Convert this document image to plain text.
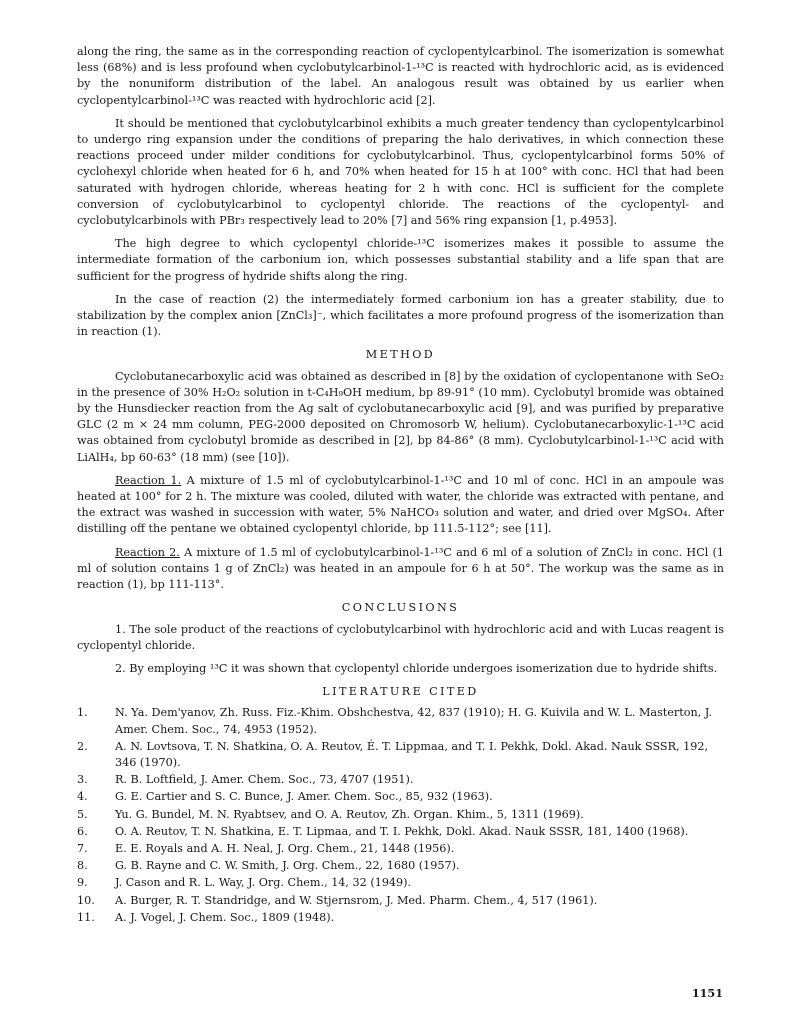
along the ring, the same as in the corresponding reaction of cyclopentylcarbinol. The isomerization is somewhat less (68%) and is less profound when cyclobutylcarbinol-1-¹³C is reacted with hydrochloric acid, as is evidenced by the nonuniform distribution of the label. An analogous result was obtained by us earlier when cyclopentylcarbinol-¹³C was reacted with hydrochloric acid [2].

It should be mentioned that cyclobutylcarbinol exhibits a much greater tendency than cyclopentylcarbinol to undergo ring expansion under the conditions of preparing the halo derivatives, in which connection these reactions proceed under milder conditions for cyclobutylcarbinol. Thus, cyclopentylcarbinol forms 50% of cyclohexyl chloride when heated for 6 h, and 70% when heated for 15 h at 100° with conc. HCl that had been saturated with hydrogen chloride, whereas heating for 2 h with conc. HCl is sufficient for the complete conversion of cyclobutylcarbinol to cyclopentyl chloride. The reactions of the cyclopentyl- and cyclobutylcarbinols with PBr₃ respectively lead to 20% [7] and 56% ring expansion [1, p.4953].

The high degree to which cyclopentyl chloride-¹³C isomerizes makes it possible to assume the intermediate formation of the carbonium ion, which possesses substantial stability and a life span that are sufficient for the progress of hydride shifts along the ring.

In the case of reaction (2) the intermediately formed carbonium ion has a greater stability, due to stabilization by the complex anion [ZnCl₃]⁻, which facilitates a more profound progress of the isomerization than in reaction (1).

METHOD

Cyclobutanecarboxylic acid was obtained as described in [8] by the oxidation of cyclopentanone with SeO₂ in the presence of 30% H₂O₂ solution in t-C₄H₉OH medium, bp 89-91° (10 mm). Cyclobutyl bromide was obtained by the Hunsdiecker reaction from the Ag salt of cyclobutanecarboxylic acid [9], and was purified by preparative GLC (2 m × 24 mm column, PEG-2000 deposited on Chromosorb W, helium). Cyclobutanecarboxylic-1-¹³C acid was obtained from cyclobutyl bromide as described in [2], bp 84-86° (8 mm). Cyclobutylcarbinol-1-¹³C acid with LiAlH₄, bp 60-63° (18 mm) (see [10]).

Reaction 1. A mixture of 1.5 ml of cyclobutylcarbinol-1-¹³C and 10 ml of conc. HCl in an ampoule was heated at 100° for 2 h. The mixture was cooled, diluted with water, the chloride was extracted with pentane, and the extract was washed in succession with water, 5% NaHCO₃ solution and water, and dried over MgSO₄. After distilling off the pentane we obtained cyclopentyl chloride, bp 111.5-112°; see [11].

Reaction 2. A mixture of 1.5 ml of cyclobutylcarbinol-1-¹³C and 6 ml of a solution of ZnCl₂ in conc. HCl (1 ml of solution contains 1 g of ZnCl₂) was heated in an ampoule for 6 h at 50°. The workup was the same as in reaction (1), bp 111-113°.

CONCLUSIONS

1. The sole product of the reactions of cyclobutylcarbinol with hydrochloric acid and with Lucas reagent is cyclopentyl chloride.

2. By employing ¹³C it was shown that cyclopentyl chloride undergoes isomerization due to hydride shifts.

LITERATURE CITED
1.	N. Ya. Dem'yanov, Zh. Russ. Fiz.-Khim. Obshchestva, 42, 837 (1910); H. G. Kuivila and W. L. Masterton, J. Amer. Chem. Soc., 74, 4953 (1952).
2.	A. N. Lovtsova, T. N. Shatkina, O. A. Reutov, É. T. Lippmaa, and T. I. Pekhk, Dokl. Akad. Nauk SSSR, 192, 346 (1970).
3.	R. B. Loftfield, J. Amer. Chem. Soc., 73, 4707 (1951).
4.	G. E. Cartier and S. C. Bunce, J. Amer. Chem. Soc., 85, 932 (1963).
5.	Yu. G. Bundel, M. N. Ryabtsev, and O. A. Reutov, Zh. Organ. Khim., 5, 1311 (1969).
6.	O. A. Reutov, T. N. Shatkina, E. T. Lipmaa, and T. I. Pekhk, Dokl. Akad. Nauk SSSR, 181, 1400 (1968).
7.	E. E. Royals and A. H. Neal, J. Org. Chem., 21, 1448 (1956).
8.	G. B. Rayne and C. W. Smith, J. Org. Chem., 22, 1680 (1957).
9.	J. Cason and R. L. Way, J. Org. Chem., 14, 32 (1949).
10.	A. Burger, R. T. Standridge, and W. Stjernsrom, J. Med. Pharm. Chem., 4, 517 (1961).
11.	A. J. Vogel, J. Chem. Soc., 1809 (1948).
1151
